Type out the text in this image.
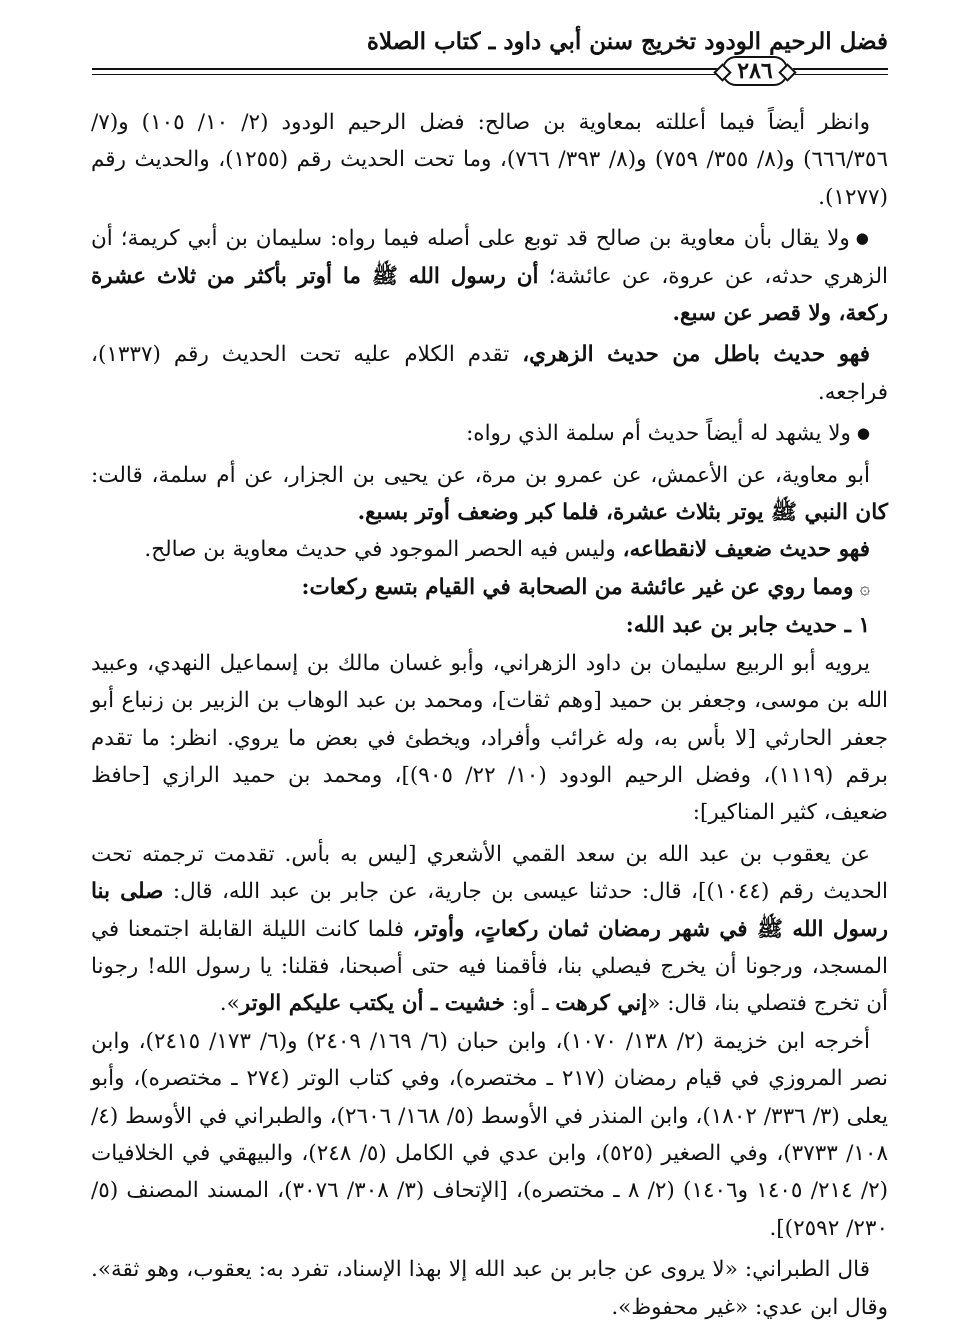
فضل الرحيم الودود تخريج سنن أبي داود ـ كتاب الصلاة
٢٨٦

وانظر أيضاً فيما أعللته بمعاوية بن صالح: فضل الرحيم الودود (٢/ ١٠/ ١٠٥) و(٧/ ٦٦٦/٣٥٦) و(٨/ ٣٥٥/ ٧٥٩) و(٨/ ٣٩٣/ ٧٦٦)، وما تحت الحديث رقم (١٢٥٥)، والحديث رقم (١٢٧٧).

●ولا يقال بأن معاوية بن صالح قد توبع على أصله فيما رواه: سليمان بن أبي كريمة؛ أن الزهري حدثه، عن عروة، عن عائشة؛ أن رسول الله ﷺ ما أوتر بأكثر من ثلاث عشرة ركعة، ولا قصر عن سبع.

فهو حديث باطل من حديث الزهري، تقدم الكلام عليه تحت الحديث رقم (١٣٣٧)، فراجعه.

●ولا يشهد له أيضاً حديث أم سلمة الذي رواه:

أبو معاوية، عن الأعمش، عن عمرو بن مرة، عن يحيى بن الجزار، عن أم سلمة، قالت: كان النبي ﷺ يوتر بثلاث عشرة، فلما كبر وضعف أوتر بسبع.

فهو حديث ضعيف لانقطاعه، وليس فيه الحصر الموجود في حديث معاوية بن صالح.

۞ومما روي عن غير عائشة من الصحابة في القيام بتسع ركعات:

١ ـ حديث جابر بن عبد الله:

يرويه أبو الربيع سليمان بن داود الزهراني، وأبو غسان مالك بن إسماعيل النهدي، وعبيد الله بن موسى، وجعفر بن حميد [وهم ثقات]، ومحمد بن عبد الوهاب بن الزبير بن زنباع أبو جعفر الحارثي [لا بأس به، وله غرائب وأفراد، ويخطئ في بعض ما يروي. انظر: ما تقدم برقم (١١١٩)، وفضل الرحيم الودود (١٠/ ٢٢/ ٩٠٥)]، ومحمد بن حميد الرازي [حافظ ضعيف، كثير المناكير]:

عن يعقوب بن عبد الله بن سعد القمي الأشعري [ليس به بأس. تقدمت ترجمته تحت الحديث رقم (١٠٤٤)]، قال: حدثنا عيسى بن جارية، عن جابر بن عبد الله، قال: صلى بنا رسول الله ﷺ في شهر رمضان ثمان ركعاتٍ، وأوتر، فلما كانت الليلة القابلة اجتمعنا في المسجد، ورجونا أن يخرج فيصلي بنا، فأقمنا فيه حتى أصبحنا، فقلنا: يا رسول الله! رجونا أن تخرج فتصلي بنا، قال: «إني كرهت ـ أو: خشيت ـ أن يكتب عليكم الوتر».

أخرجه ابن خزيمة (٢/ ١٣٨/ ١٠٧٠)، وابن حبان (٦/ ١٦٩/ ٢٤٠٩) و(٦/ ١٧٣/ ٢٤١٥)، وابن نصر المروزي في قيام رمضان (٢١٧ ـ مختصره)، وفي كتاب الوتر (٢٧٤ ـ مختصره)، وأبو يعلى (٣/ ٣٣٦/ ١٨٠٢)، وابن المنذر في الأوسط (٥/ ١٦٨/ ٢٦٠٦)، والطبراني في الأوسط (٤/ ١٠٨/ ٣٧٣٣)، وفي الصغير (٥٢٥)، وابن عدي في الكامل (٥/ ٢٤٨)، والبيهقي في الخلافيات (٢/ ٢١٤/ ١٤٠٥ و١٤٠٦) (٢/ ٨ ـ مختصره)، [الإتحاف (٣/ ٣٠٨/ ٣٠٧٦)، المسند المصنف (٥/ ٢٣٠/ ٢٥٩٢)].

قال الطبراني: «لا يروى عن جابر بن عبد الله إلا بهذا الإسناد، تفرد به: يعقوب، وهو ثقة». وقال ابن عدي: «غير محفوظ».
